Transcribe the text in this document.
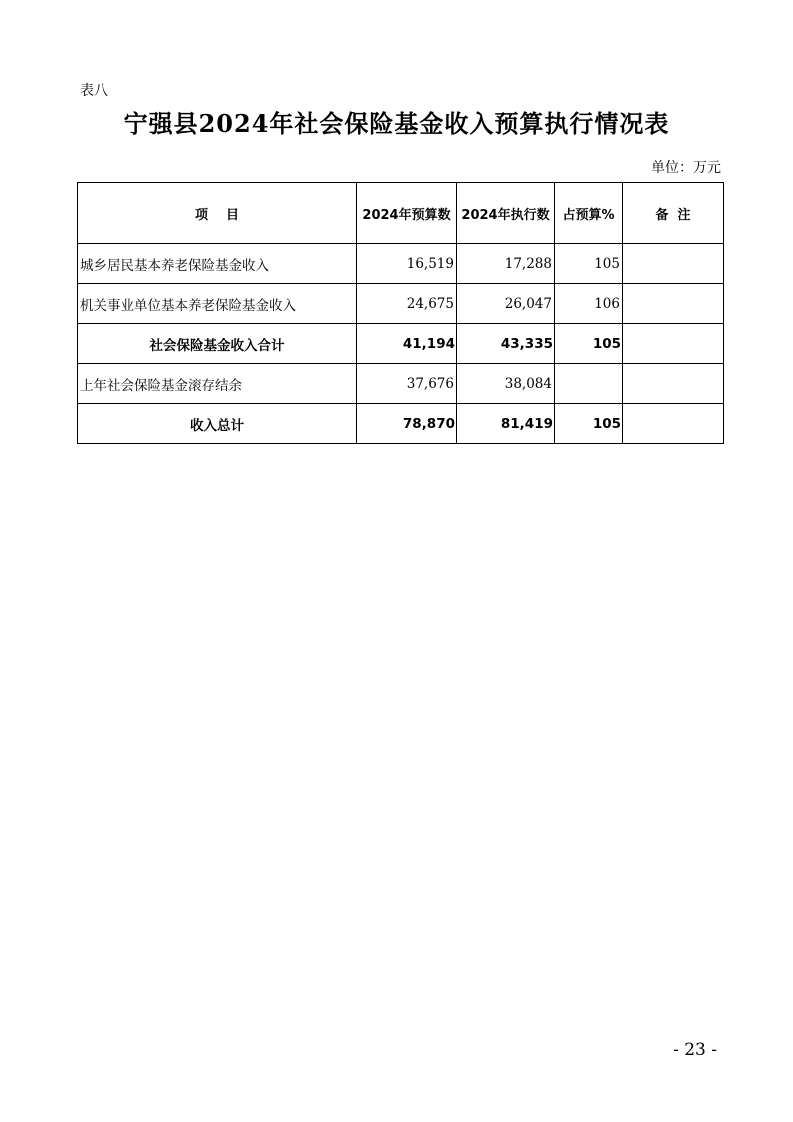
表八
宁强县2024年社会保险基金收入预算执行情况表
单位：万元
项    目	2024年预算数	2024年执行数	占预算%	备  注
城乡居民基本养老保险基金收入	16,519	17,288	105	
机关事业单位基本养老保险基金收入	24,675	26,047	106	
社会保险基金收入合计	41,194	43,335	105	
上年社会保险基金滚存结余	37,676	38,084		
收入总计	78,870	81,419	105	
- 23 -
